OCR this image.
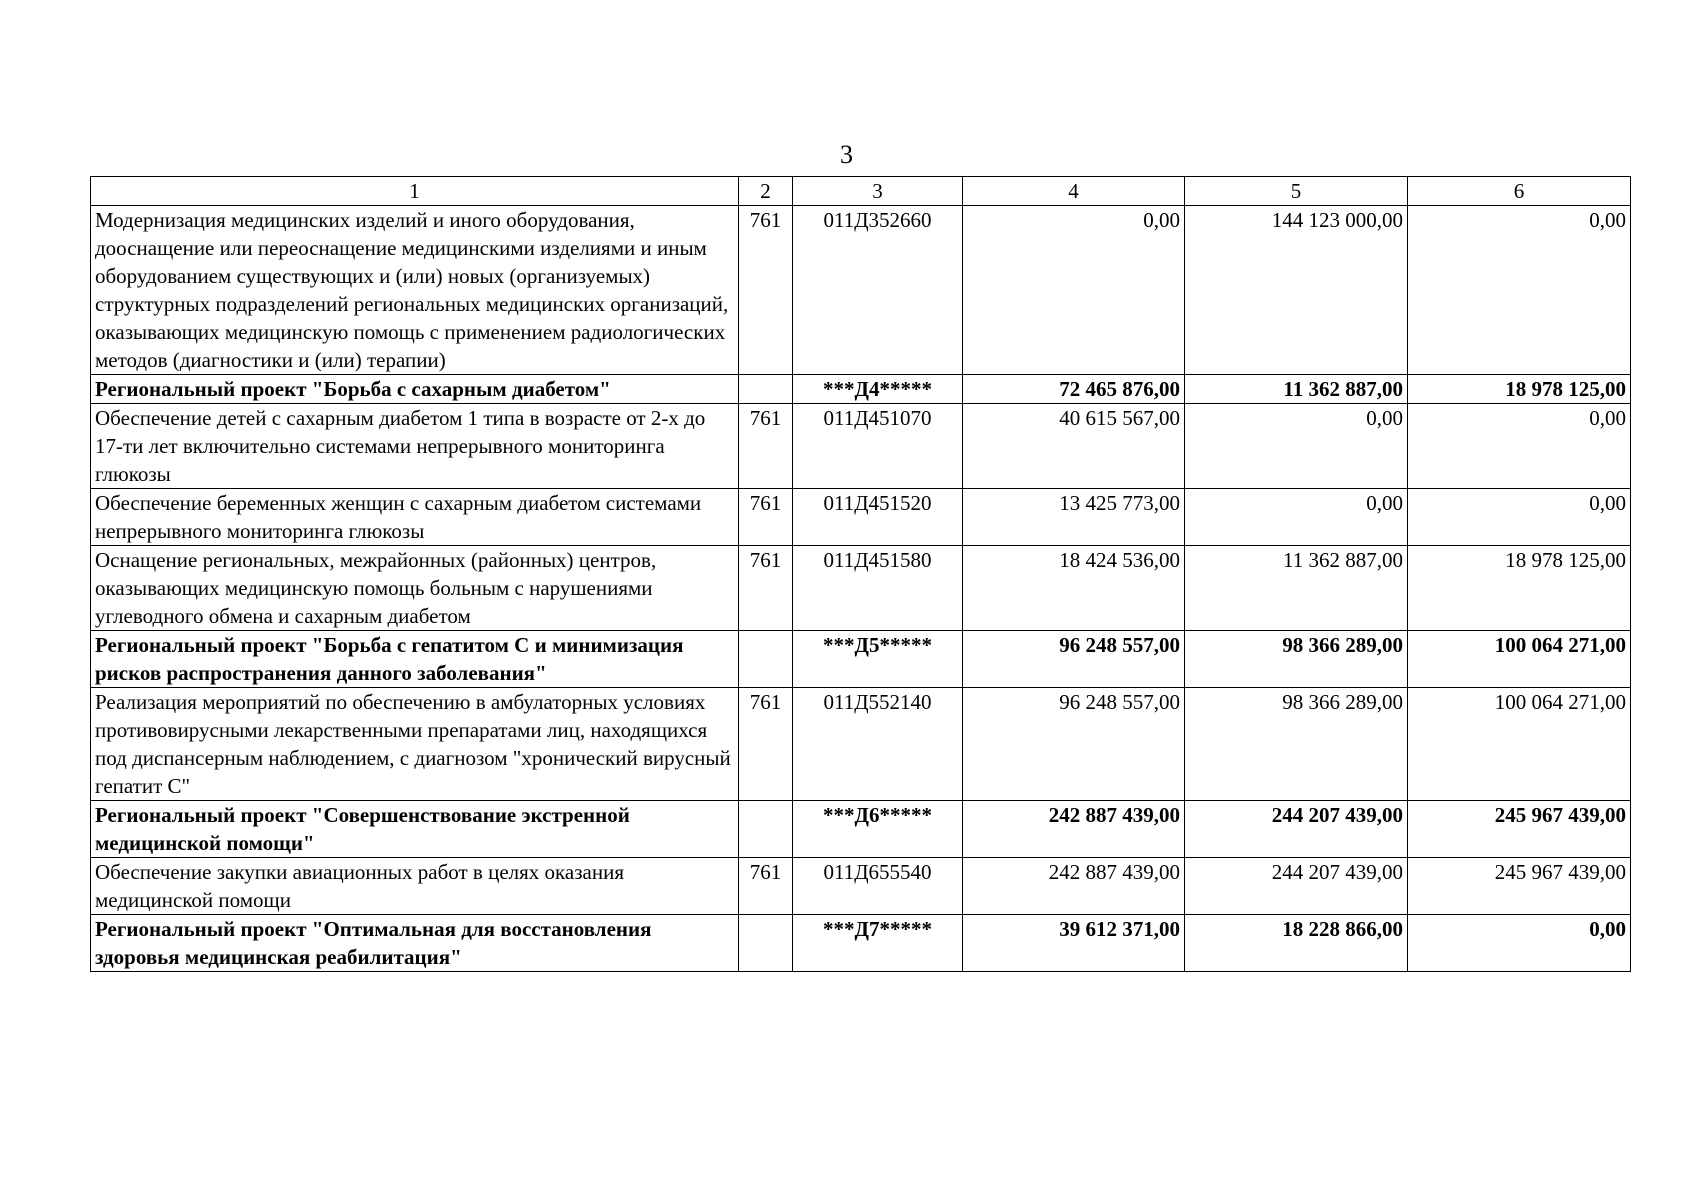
3
1	2	3	4	5	6
Модернизация медицинских изделий и иного оборудования, дооснащение или переоснащение медицинскими изделиями и иным оборудованием существующих и (или) новых (организуемых) структурных подразделений региональных медицинских организаций, оказывающих медицинскую помощь с применением радиологических методов (диагностики и (или) терапии)	761	011Д352660	0,00	144 123 000,00	0,00
Региональный проект "Борьба с сахарным диабетом"		***Д4*****	72 465 876,00	11 362 887,00	18 978 125,00
Обеспечение детей с сахарным диабетом 1 типа в возрасте от 2-х до 17-ти лет включительно системами непрерывного мониторинга глюкозы	761	011Д451070	40 615 567,00	0,00	0,00
Обеспечение беременных женщин с сахарным диабетом системами непрерывного мониторинга глюкозы	761	011Д451520	13 425 773,00	0,00	0,00
Оснащение региональных, межрайонных (районных) центров, оказывающих медицинскую помощь больным с нарушениями углеводного обмена и сахарным диабетом	761	011Д451580	18 424 536,00	11 362 887,00	18 978 125,00
Региональный проект "Борьба с гепатитом С и минимизация рисков распространения данного заболевания"		***Д5*****	96 248 557,00	98 366 289,00	100 064 271,00
Реализация мероприятий по обеспечению в амбулаторных условиях противовирусными лекарственными препаратами лиц, находящихся под диспансерным наблюдением, с диагнозом "хронический вирусный гепатит С"	761	011Д552140	96 248 557,00	98 366 289,00	100 064 271,00
Региональный проект "Совершенствование экстренной медицинской помощи"		***Д6*****	242 887 439,00	244 207 439,00	245 967 439,00
Обеспечение закупки авиационных работ в целях оказания медицинской помощи	761	011Д655540	242 887 439,00	244 207 439,00	245 967 439,00
Региональный проект "Оптимальная для восстановления здоровья медицинская реабилитация"		***Д7*****	39 612 371,00	18 228 866,00	0,00
